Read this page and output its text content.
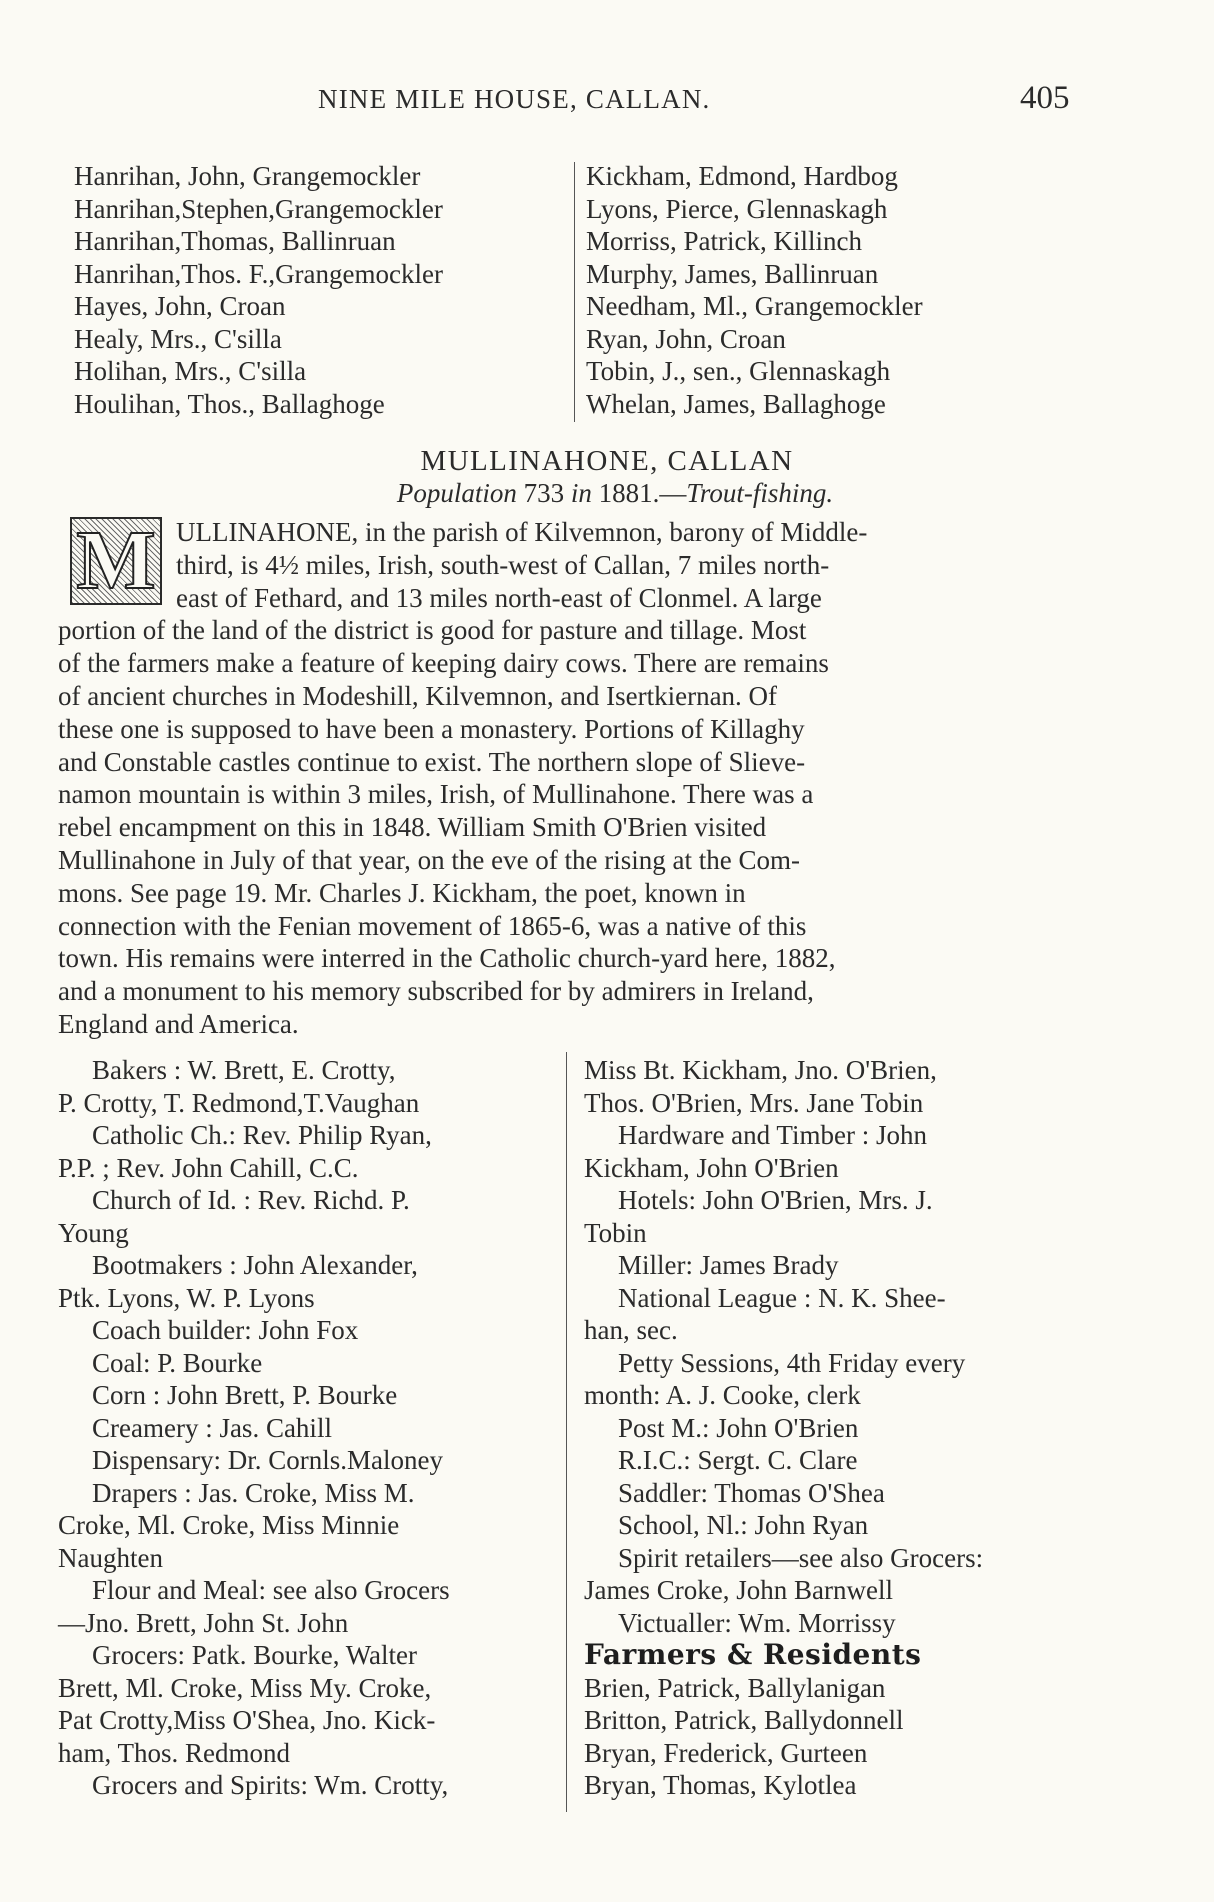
NINE MILE HOUSE, CALLAN.	405
Hanrihan, John, Grangemockler
Hanrihan,Stephen,Grangemockler
Hanrihan,Thomas, Ballinruan
Hanrihan,Thos. F.,Grangemockler
Hayes, John, Croan
Healy, Mrs., C'silla
Holihan, Mrs., C'silla
Houlihan, Thos., Ballaghoge
Kickham, Edmond, Hardbog
Lyons, Pierce, Glennaskagh
Morriss, Patrick, Killinch
Murphy, James, Ballinruan
Needham, Ml., Grangemockler
Ryan, John, Croan
Tobin, J., sen., Glennaskagh
Whelan, James, Ballaghoge
MULLINAHONE, CALLAN
Population 733 in 1881.—Trout-fishing.
M ULLINAHONE, in the parish of Kilvemnon, barony of Middle-
third, is 4½ miles, Irish, south-west of Callan, 7 miles north-
east of Fethard, and 13 miles north-east of Clonmel. A large
portion of the land of the district is good for pasture and tillage. Most
of the farmers make a feature of keeping dairy cows. There are remains
of ancient churches in Modeshill, Kilvemnon, and Isertkiernan. Of
these one is supposed to have been a monastery. Portions of Killaghy
and Constable castles continue to exist. The northern slope of Slieve-
namon mountain is within 3 miles, Irish, of Mullinahone. There was a
rebel encampment on this in 1848. William Smith O'Brien visited
Mullinahone in July of that year, on the eve of the rising at the Com-
mons. See page 19. Mr. Charles J. Kickham, the poet, known in
connection with the Fenian movement of 1865-6, was a native of this
town. His remains were interred in the Catholic church-yard here, 1882,
and a monument to his memory subscribed for by admirers in Ireland,
England and America.
Bakers : W. Brett, E. Crotty,
P. Crotty, T. Redmond,T.Vaughan
Catholic Ch.: Rev. Philip Ryan,
P.P. ; Rev. John Cahill, C.C.
Church of Id. : Rev. Richd. P.
Young
Bootmakers : John Alexander,
Ptk. Lyons, W. P. Lyons
Coach builder: John Fox
Coal: P. Bourke
Corn : John Brett, P. Bourke
Creamery : Jas. Cahill
Dispensary: Dr. Cornls.Maloney
Drapers : Jas. Croke, Miss M.
Croke, Ml. Croke, Miss Minnie
Naughten
Flour and Meal: see also Grocers
—Jno. Brett, John St. John
Grocers: Patk. Bourke, Walter
Brett, Ml. Croke, Miss My. Croke,
Pat Crotty,Miss O'Shea, Jno. Kick-
ham, Thos. Redmond
Grocers and Spirits: Wm. Crotty,
Miss Bt. Kickham, Jno. O'Brien,
Thos. O'Brien, Mrs. Jane Tobin
Hardware and Timber : John
Kickham, John O'Brien
Hotels: John O'Brien, Mrs. J.
Tobin
Miller: James Brady
National League : N. K. Shee-
han, sec.
Petty Sessions, 4th Friday every
month: A. J. Cooke, clerk
Post M.: John O'Brien
R.I.C.: Sergt. C. Clare
Saddler: Thomas O'Shea
School, Nl.: John Ryan
Spirit retailers—see also Grocers:
James Croke, John Barnwell
Victualler: Wm. Morrissy
Farmers & Residents
Brien, Patrick, Ballylanigan
Britton, Patrick, Ballydonnell
Bryan, Frederick, Gurteen
Bryan, Thomas, Kylotlea
